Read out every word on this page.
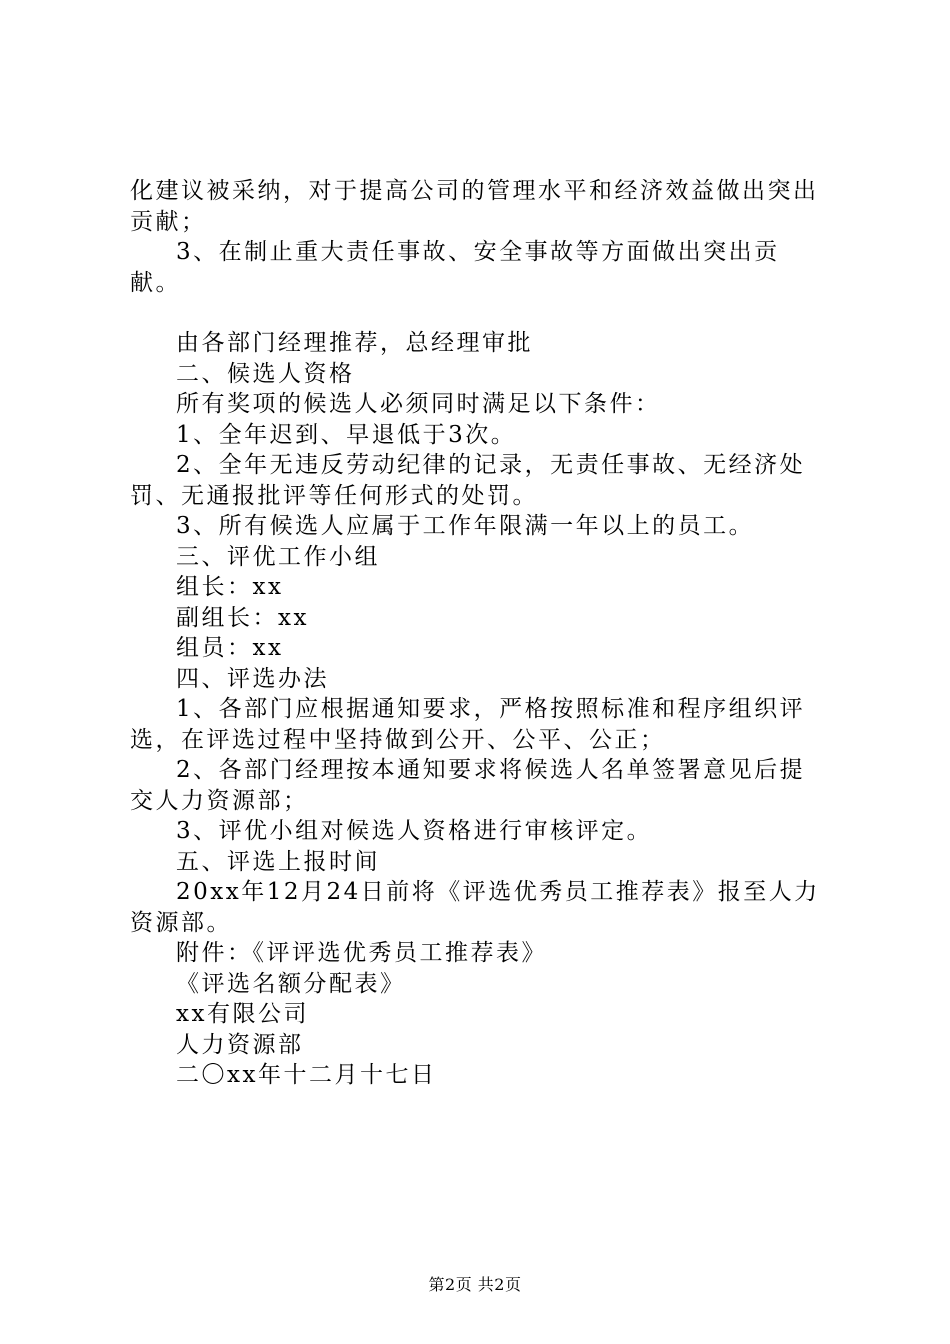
化建议被采纳，对于提高公司的管理水平和经济效益做出突出贡献；

3、在制止重大责任事故、安全事故等方面做出突出贡献。

由各部门经理推荐，总经理审批

二、候选人资格

所有奖项的候选人必须同时满足以下条件：

1、全年迟到、早退低于3次。

2、全年无违反劳动纪律的记录，无责任事故、无经济处罚、无通报批评等任何形式的处罚。

3、所有候选人应属于工作年限满一年以上的员工。

三、评优工作小组

组长：xx

副组长：xx

组员：xx

四、评选办法

1、各部门应根据通知要求，严格按照标准和程序组织评选，在评选过程中坚持做到公开、公平、公正；

2、各部门经理按本通知要求将候选人名单签署意见后提交人力资源部；

3、评优小组对候选人资格进行审核评定。

五、评选上报时间

20xx年12月24日前将《评选优秀员工推荐表》报至人力资源部。

附件：《评评选优秀员工推荐表》

《评选名额分配表》

xx有限公司

人力资源部

二〇xx年十二月十七日

第2页 共2页
